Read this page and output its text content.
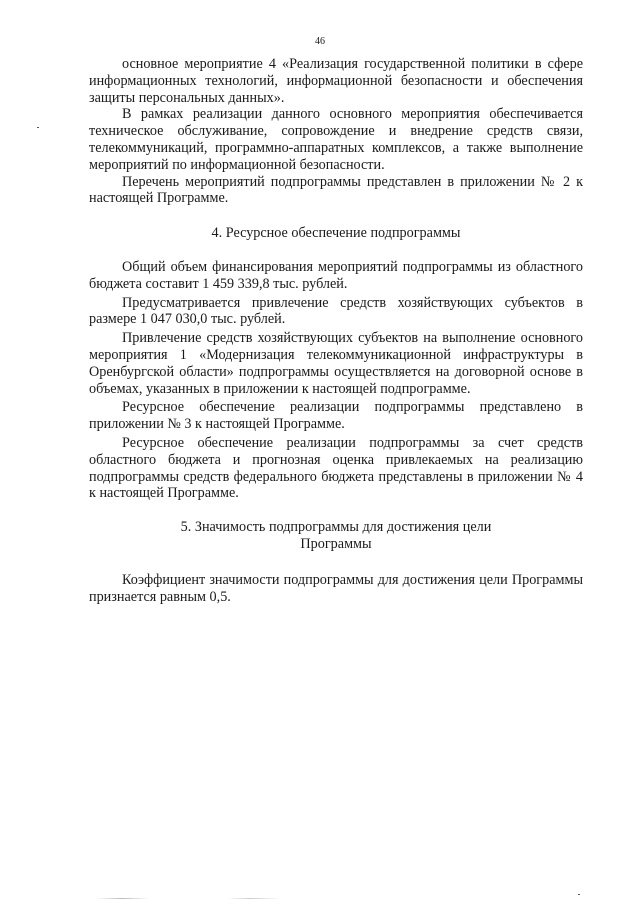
46

основное мероприятие 4 «Реализация государственной политики в сфере информационных технологий, информационной безопасности и обеспечения защиты персональных данных».

В рамках реализации данного основного мероприятия обеспечивается техническое обслуживание, сопровождение и внедрение средств связи, телекоммуникаций, программно-аппаратных комплексов, а также выполнение мероприятий по информационной безопасности.

Перечень мероприятий подпрограммы представлен в приложении № 2 к настоящей Программе.

4. Ресурсное обеспечение подпрограммы

Общий объем финансирования мероприятий подпрограммы из областного бюджета составит 1 459 339,8 тыс. рублей.

Предусматривается привлечение средств хозяйствующих субъектов в размере 1 047 030,0 тыс. рублей.

Привлечение средств хозяйствующих субъектов на выполнение основного мероприятия 1 «Модернизация телекоммуникационной инфраструктуры в Оренбургской области» подпрограммы осуществляется на договорной основе в объемах, указанных в приложении к настоящей подпрограмме.

Ресурсное обеспечение реализации подпрограммы представлено в приложении № 3 к настоящей Программе.

Ресурсное обеспечение реализации подпрограммы за счет средств областного бюджета и прогнозная оценка привлекаемых на реализацию подпрограммы средств федерального бюджета представлены в приложении № 4 к настоящей Программе.

5. Значимость подпрограммы для достижения цели

Программы

Коэффициент значимости подпрограммы для достижения цели Программы признается равным 0,5.
